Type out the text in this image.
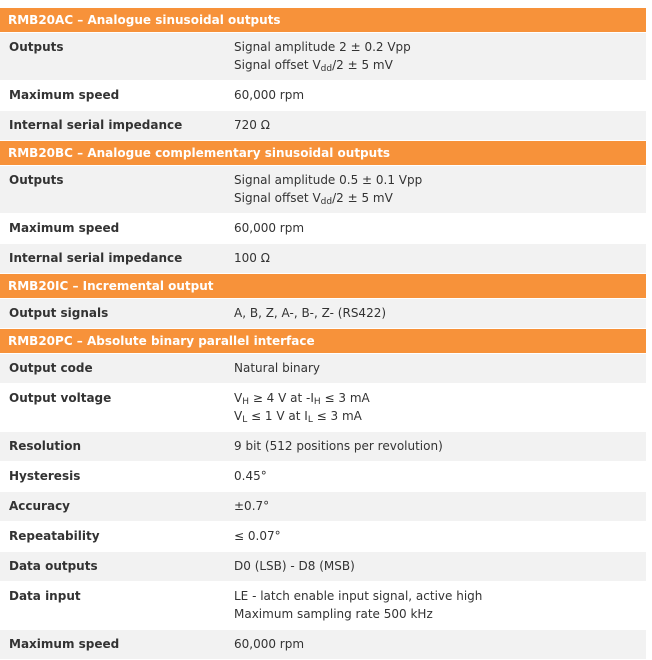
RMB20AC – Analogue sinusoidal outputs
Outputs	Signal amplitude 2 ± 0.2 Vpp
Signal offset $V_{dd}/2 \pm 5$ mV
Maximum speed	60,000 rpm
Internal serial impedance	720 Ω
RMB20BC – Analogue complementary sinusoidal outputs
Outputs	Signal amplitude 0.5 ± 0.1 Vpp
Signal offset $V_{dd}/2 \pm 5$ mV
Maximum speed	60,000 rpm
Internal serial impedance	100 Ω
RMB20IC – Incremental output
Output signals	A, B, Z, A-, B-, Z- (RS422)
RMB20PC – Absolute binary parallel interface
Output code	Natural binary
Output voltage	$V_H \ge 4$ V at $-I_H \le 3$ mA
$V_L \le 1$ V at $I_L \le 3$ mA
Resolution	9 bit (512 positions per revolution)
Hysteresis	0.45°
Accuracy	±0.7°
Repeatability	≤ 0.07°
Data outputs	D0 (LSB) - D8 (MSB)
Data input	LE - latch enable input signal, active high
Maximum sampling rate 500 kHz
Maximum speed	60,000 rpm
